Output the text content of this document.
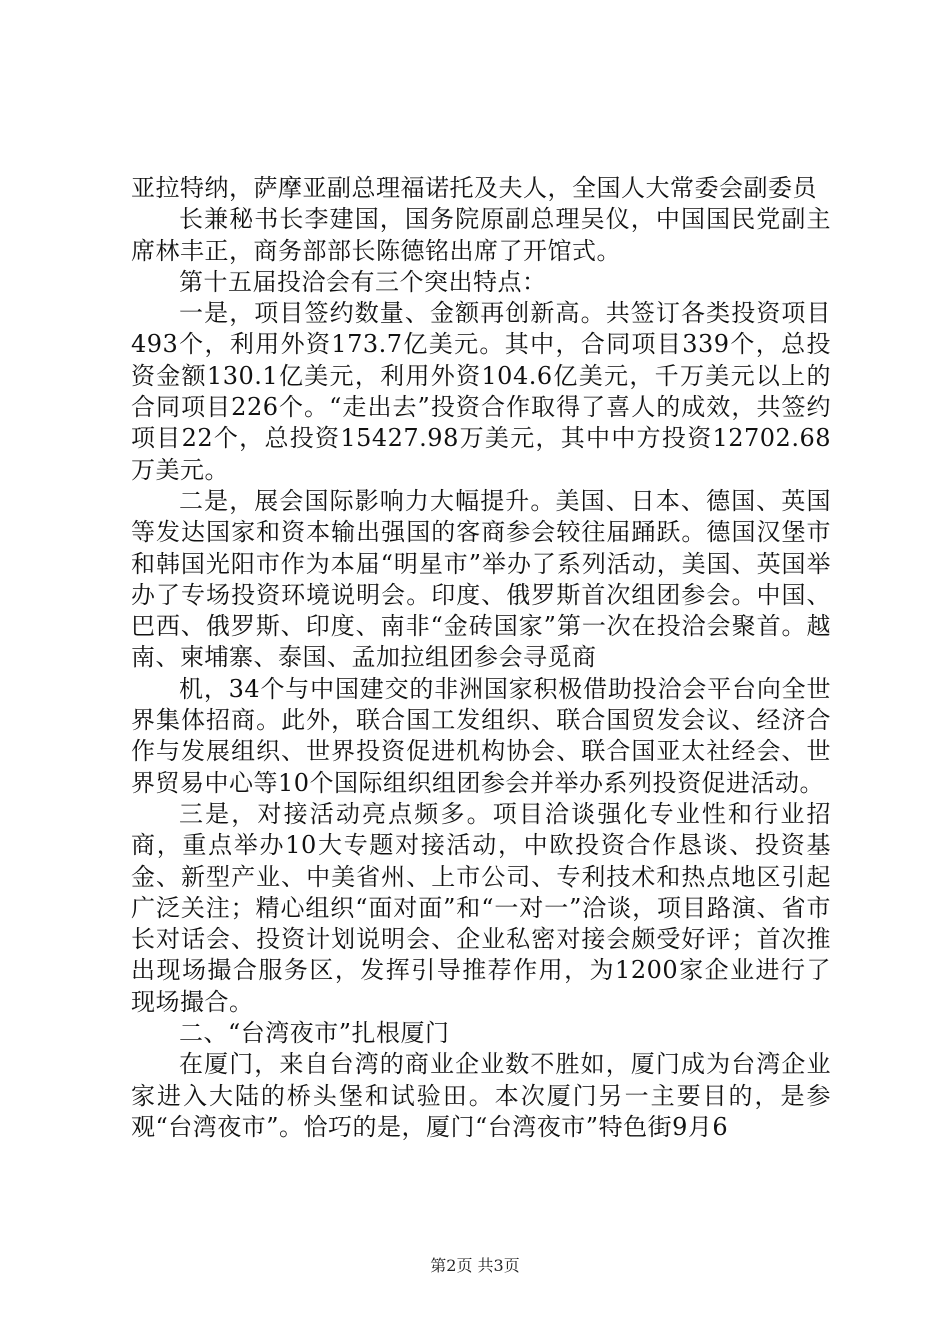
亚拉特纳，萨摩亚副总理福诺托及夫人，全国人大常委会副委员

长兼秘书长李建国，国务院原副总理吴仪，中国国民党副主席林丰正，商务部部长陈德铭出席了开馆式。

第十五届投洽会有三个突出特点：

一是，项目签约数量、金额再创新高。共签订各类投资项目493个，利用外资173.7亿美元。其中，合同项目339个，总投资金额130.1亿美元，利用外资104.6亿美元，千万美元以上的合同项目226个。“走出去”投资合作取得了喜人的成效，共签约项目22个，总投资15427.98万美元，其中中方投资12702.68万美元。

二是，展会国际影响力大幅提升。美国、日本、德国、英国等发达国家和资本输出强国的客商参会较往届踊跃。德国汉堡市和韩国光阳市作为本届“明星市”举办了系列活动，美国、英国举办了专场投资环境说明会。印度、俄罗斯首次组团参会。中国、巴西、俄罗斯、印度、南非“金砖国家”第一次在投洽会聚首。越南、柬埔寨、泰国、孟加拉组团参会寻觅商

机，34个与中国建交的非洲国家积极借助投洽会平台向全世界集体招商。此外，联合国工发组织、联合国贸发会议、经济合作与发展组织、世界投资促进机构协会、联合国亚太社经会、世界贸易中心等10个国际组织组团参会并举办系列投资促进活动。

三是，对接活动亮点频多。项目洽谈强化专业性和行业招商，重点举办10大专题对接活动，中欧投资合作恳谈、投资基金、新型产业、中美省州、上市公司、专利技术和热点地区引起广泛关注；精心组织“面对面”和“一对一”洽谈，项目路演、省市长对话会、投资计划说明会、企业私密对接会颇受好评；首次推出现场撮合服务区，发挥引导推荐作用，为1200家企业进行了现场撮合。

二、“台湾夜市”扎根厦门

在厦门，来自台湾的商业企业数不胜如，厦门成为台湾企业家进入大陆的桥头堡和试验田。本次厦门另一主要目的，是参观“台湾夜市”。恰巧的是，厦门“台湾夜市”特色街9月6

第2页 共3页
